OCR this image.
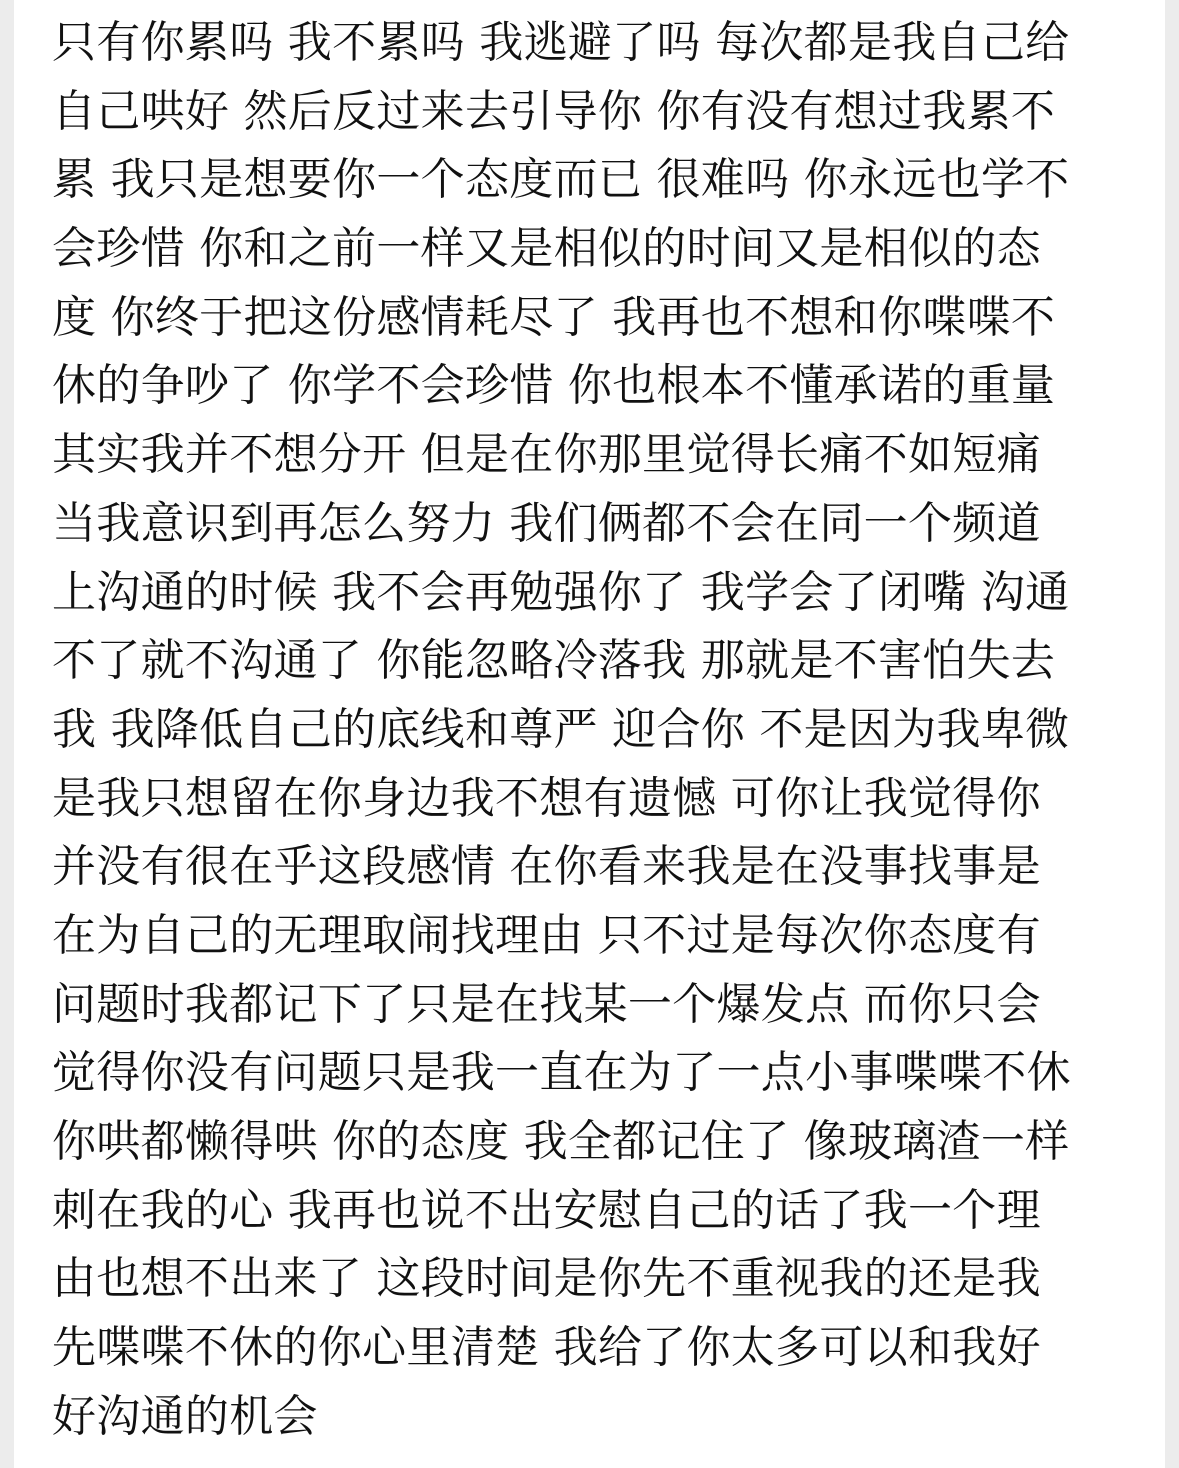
只有你累吗 我不累吗 我逃避了吗 每次都是我自己给
自己哄好 然后反过来去引导你 你有没有想过我累不
累 我只是想要你一个态度而已 很难吗 你永远也学不
会珍惜 你和之前一样又是相似的时间又是相似的态
度 你终于把这份感情耗尽了 我再也不想和你喋喋不
休的争吵了 你学不会珍惜 你也根本不懂承诺的重量
其实我并不想分开 但是在你那里觉得长痛不如短痛
当我意识到再怎么努力 我们俩都不会在同一个频道
上沟通的时候 我不会再勉强你了 我学会了闭嘴 沟通
不了就不沟通了 你能忽略冷落我 那就是不害怕失去
我 我降低自己的底线和尊严 迎合你 不是因为我卑微
是我只想留在你身边我不想有遗憾 可你让我觉得你
并没有很在乎这段感情 在你看来我是在没事找事是
在为自己的无理取闹找理由 只不过是每次你态度有
问题时我都记下了只是在找某一个爆发点 而你只会
觉得你没有问题只是我一直在为了一点小事喋喋不休
你哄都懒得哄 你的态度 我全都记住了 像玻璃渣一样
刺在我的心 我再也说不出安慰自己的话了我一个理
由也想不出来了 这段时间是你先不重视我的还是我
先喋喋不休的你心里清楚 我给了你太多可以和我好
好沟通的机会
